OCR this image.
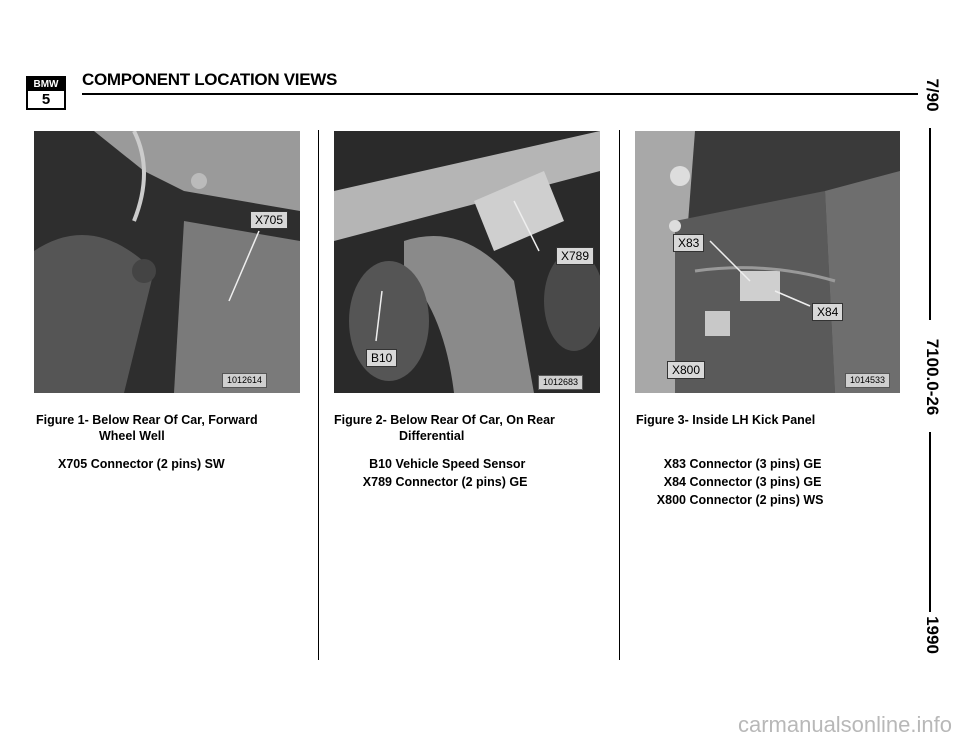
BMW
5
COMPONENT LOCATION VIEWS
X705
1012614
X789
B10
1012683
X83
X84
X800
1014533
Figure 1- Below Rear Of Car, Forward
Wheel Well
X705 Connector (2 pins) SW
Figure 2- Below Rear Of Car, On Rear
Differential
B10 Vehicle Speed Sensor
X789 Connector (2 pins) GE
Figure 3- Inside LH Kick Panel
X83 Connector (3 pins) GE
X84 Connector (3 pins) GE
X800 Connector (2 pins) WS
7/90
7100.0-26
1990
carmanualsonline.info
